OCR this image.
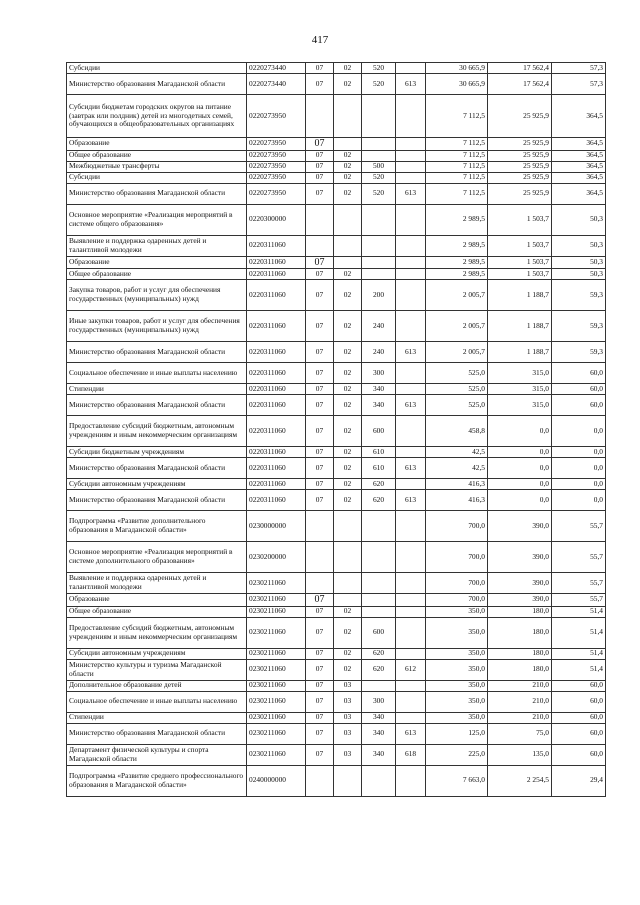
417
Субсидии	0220273440	07	02	520		30 665,9	17 562,4	57,3
Министерство образования Магаданской области	0220273440	07	02	520	613	30 665,9	17 562,4	57,3
Субсидии бюджетам городских округов на питание (завтрак или полдник) детей из многодетных семей, обучающихся в общеобразовательных организациях	0220273950					7 112,5	25 925,9	364,5
Образование	0220273950	07				7 112,5	25 925,9	364,5
Общее образование	0220273950	07	02			7 112,5	25 925,9	364,5
Межбюджетные трансферты	0220273950	07	02	500		7 112,5	25 925,9	364,5
Субсидии	0220273950	07	02	520		7 112,5	25 925,9	364,5
Министерство образования Магаданской области	0220273950	07	02	520	613	7 112,5	25 925,9	364,5
Основное мероприятие «Реализация мероприятий в системе общего образования»	0220300000					2 989,5	1 503,7	50,3
Выявление и поддержка одаренных детей и талантливой молодежи	0220311060					2 989,5	1 503,7	50,3
Образование	0220311060	07				2 989,5	1 503,7	50,3
Общее образование	0220311060	07	02			2 989,5	1 503,7	50,3
Закупка товаров, работ и услуг для обеспечения государственных (муниципальных) нужд	0220311060	07	02	200		2 005,7	1 188,7	59,3
Иные закупки товаров, работ и услуг для обеспечения государственных (муниципальных) нужд	0220311060	07	02	240		2 005,7	1 188,7	59,3
Министерство образования Магаданской области	0220311060	07	02	240	613	2 005,7	1 188,7	59,3
Социальное обеспечение и иные выплаты населению	0220311060	07	02	300		525,0	315,0	60,0
Стипендии	0220311060	07	02	340		525,0	315,0	60,0
Министерство образования Магаданской области	0220311060	07	02	340	613	525,0	315,0	60,0
Предоставление субсидий бюджетным, автономным учреждениям и иным некоммерческим организациям	0220311060	07	02	600		458,8	0,0	0,0
Субсидии бюджетным учреждениям	0220311060	07	02	610		42,5	0,0	0,0
Министерство образования Магаданской области	0220311060	07	02	610	613	42,5	0,0	0,0
Субсидии автономным учреждениям	0220311060	07	02	620		416,3	0,0	0,0
Министерство образования Магаданской области	0220311060	07	02	620	613	416,3	0,0	0,0
Подпрограмма «Развитие дополнительного образования в Магаданской области»	0230000000					700,0	390,0	55,7
Основное мероприятие «Реализация мероприятий в системе дополнительного образования»	0230200000					700,0	390,0	55,7
Выявление и поддержка одаренных детей и талантливой молодежи	0230211060					700,0	390,0	55,7
Образование	0230211060	07				700,0	390,0	55,7
Общее образование	0230211060	07	02			350,0	180,0	51,4
Предоставление субсидий бюджетным, автономным учреждениям и иным некоммерческим организациям	0230211060	07	02	600		350,0	180,0	51,4
Субсидии автономным учреждениям	0230211060	07	02	620		350,0	180,0	51,4
Министерство культуры и туризма Магаданской области	0230211060	07	02	620	612	350,0	180,0	51,4
Дополнительное образование детей	0230211060	07	03			350,0	210,0	60,0
Социальное обеспечение и иные выплаты населению	0230211060	07	03	300		350,0	210,0	60,0
Стипендии	0230211060	07	03	340		350,0	210,0	60,0
Министерство образования Магаданской области	0230211060	07	03	340	613	125,0	75,0	60,0
Департамент физической культуры и спорта Магаданской области	0230211060	07	03	340	618	225,0	135,0	60,0
Подпрограмма «Развитие среднего профессионального образования в Магаданской области»	0240000000					7 663,0	2 254,5	29,4
